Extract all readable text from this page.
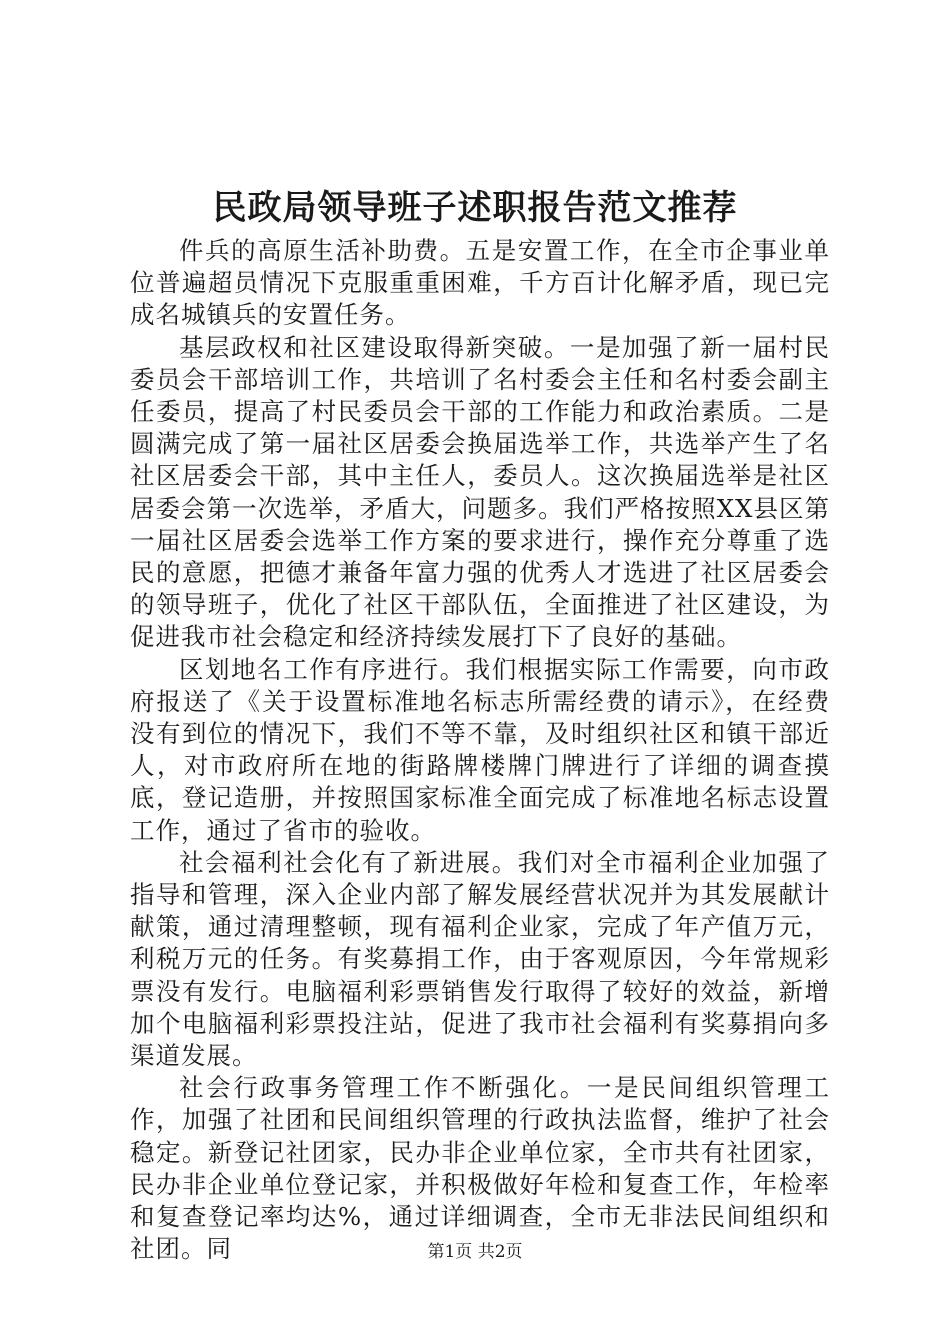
民政局领导班子述职报告范文推荐

件兵的高原生活补助费。五是安置工作，在全市企事业单位普遍超员情况下克服重重困难，千方百计化解矛盾，现已完成名城镇兵的安置任务。

基层政权和社区建设取得新突破。一是加强了新一届村民委员会干部培训工作，共培训了名村委会主任和名村委会副主任委员，提高了村民委员会干部的工作能力和政治素质。二是圆满完成了第一届社区居委会换届选举工作，共选举产生了名社区居委会干部，其中主任人，委员人。这次换届选举是社区居委会第一次选举，矛盾大，问题多。我们严格按照XX县区第一届社区居委会选举工作方案的要求进行，操作充分尊重了选民的意愿，把德才兼备年富力强的优秀人才选进了社区居委会的领导班子，优化了社区干部队伍，全面推进了社区建设，为促进我市社会稳定和经济持续发展打下了良好的基础。

区划地名工作有序进行。我们根据实际工作需要，向市政府报送了《关于设置标准地名标志所需经费的请示》，在经费没有到位的情况下，我们不等不靠，及时组织社区和镇干部近人，对市政府所在地的街路牌楼牌门牌进行了详细的调查摸底，登记造册，并按照国家标准全面完成了标准地名标志设置工作，通过了省市的验收。

社会福利社会化有了新进展。我们对全市福利企业加强了指导和管理，深入企业内部了解发展经营状况并为其发展献计献策，通过清理整顿，现有福利企业家，完成了年产值万元，利税万元的任务。有奖募捐工作，由于客观原因，今年常规彩票没有发行。电脑福利彩票销售发行取得了较好的效益，新增加个电脑福利彩票投注站，促进了我市社会福利有奖募捐向多渠道发展。

社会行政事务管理工作不断强化。一是民间组织管理工作，加强了社团和民间组织管理的行政执法监督，维护了社会稳定。新登记社团家，民办非企业单位家，全市共有社团家，民办非企业单位登记家，并积极做好年检和复查工作，年检率和复查登记率均达%，通过详细调查，全市无非法民间组织和社团。同	第1页 共2页
